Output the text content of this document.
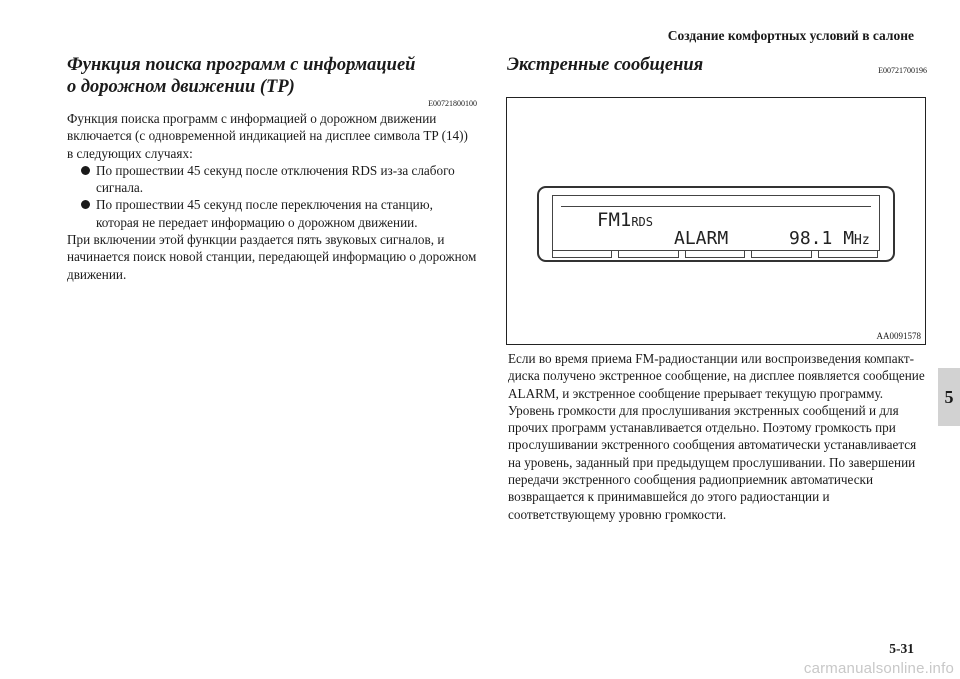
Создание комфортных условий в салоне
5
Функция поиска программ с информацией
о дорожном движении (TP)
E00721800100

Функция поиска программ с информацией о дорожном движении включается (с одновременной индикацией на дисплее символа TP (14)) в следующих случаях:

По прошествии 45 секунд после отключения RDS из-за слабого сигнала.
По прошествии 45 секунд после переключения на станцию, которая не передает информацию о дорожном движении.

При включении этой функции раздается пять звуковых сигналов, и начинается поиск новой станции, передающей информацию о дорожном движении.

Экстренные сообщения	E00721700196
FM1RDS
ALARM	98.1 MHz
AA0091578
Если во время приема FM-радиостанции или воспроизведения компакт-диска получено экстренное сообщение, на дисплее появляется сообщение ALARM, и экстренное сообщение прерывает текущую программу. Уровень громкости для прослушивания экстренных сообщений и для прочих программ устанавливается отдельно. Поэтому громкость при прослушивании экстренного сообщения автоматически устанавливается на уровень, заданный при предыдущем прослушивании. По завершении передачи экстренного сообщения радиоприемник автоматически возвращается к принимавшейся до этого радиостанции и соответствующему уровню громкости.
5-31
carmanualsonline.info
